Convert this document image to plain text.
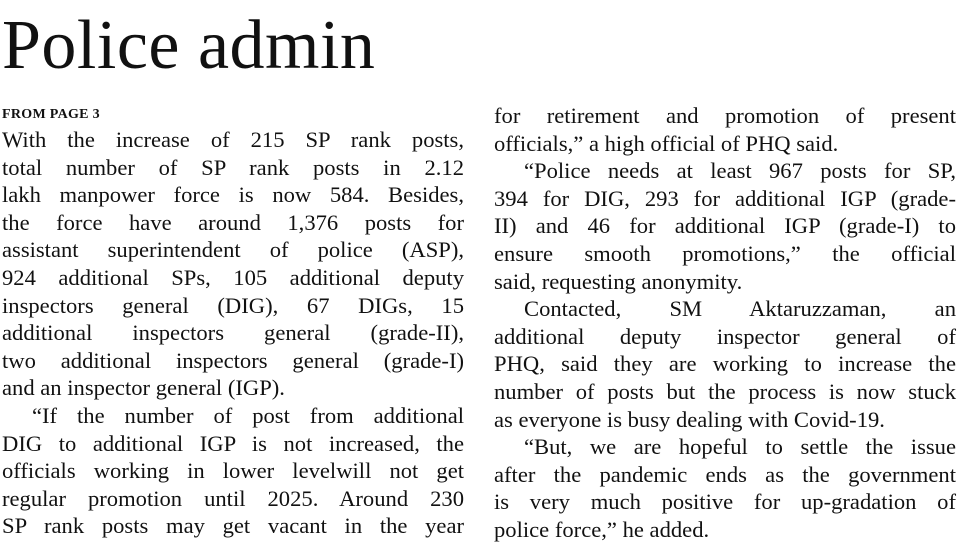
Police admin

FROM PAGE 3

With the increase of 215 SP rank posts,
total number of SP rank posts in 2.12
lakh manpower force is now 584. Besides,
the force have around 1,376 posts for
assistant superintendent of police (ASP),
924 additional SPs, 105 additional deputy
inspectors general (DIG), 67 DIGs, 15
additional inspectors general (grade-II),
two additional inspectors general (grade-I)
and an inspector general (IGP).
“If the number of post from additional
DIG to additional IGP is not increased, the
officials working in lower levelwill not get
regular promotion until 2025. Around 230
SP rank posts may get vacant in the year
for retirement and promotion of present
officials,” a high official of PHQ said.
“Police needs at least 967 posts for SP,
394 for DIG, 293 for additional IGP (grade-
II) and 46 for additional IGP (grade-I) to
ensure smooth promotions,” the official
said, requesting anonymity.
Contacted, SM Aktaruzzaman, an
additional deputy inspector general of
PHQ, said they are working to increase the
number of posts but the process is now stuck
as everyone is busy dealing with Covid-19.
“But, we are hopeful to settle the issue
after the pandemic ends as the government
is very much positive for up-gradation of
police force,” he added.
